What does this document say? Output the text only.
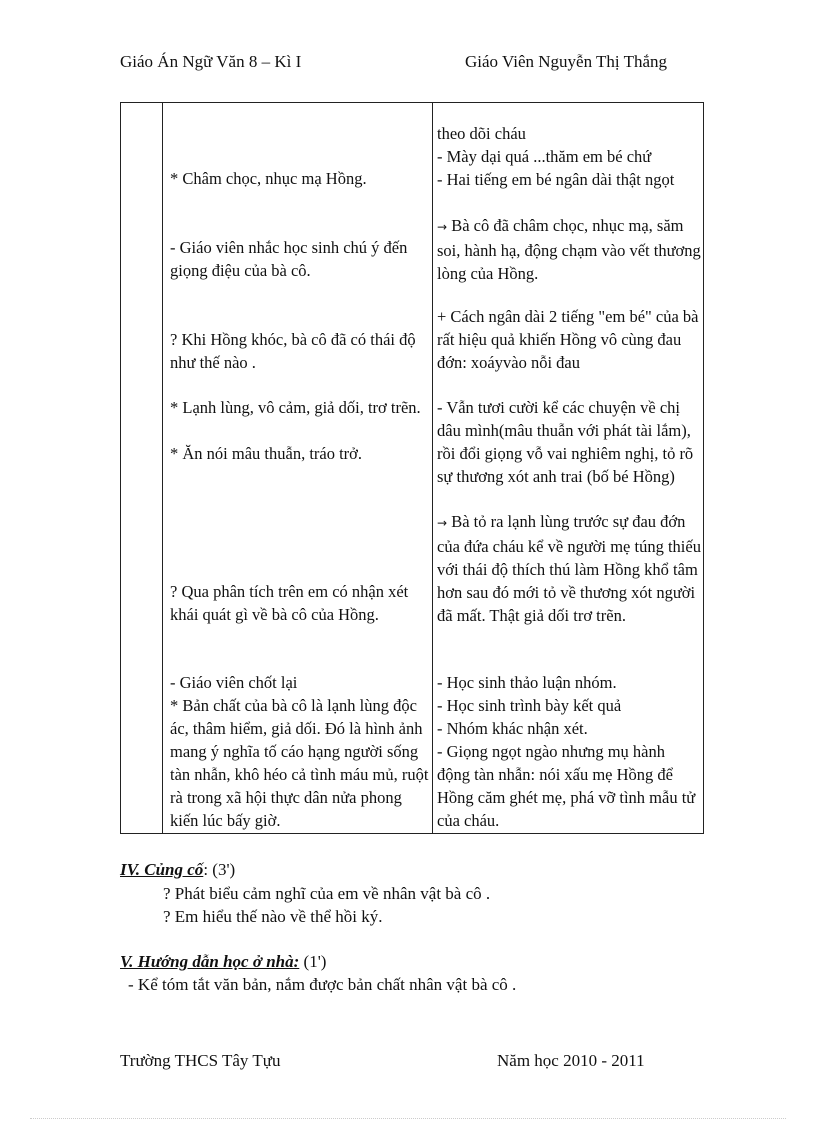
Giáo Án Ngữ Văn 8 – Kì I	Giáo Viên Nguyễn Thị Thắng

* Châm chọc, nhục mạ Hồng.

- Giáo viên nhắc học sinh chú ý đến giọng điệu của bà cô.

? Khi Hồng khóc, bà cô đã có thái độ như thế nào .

* Lạnh lùng, vô cảm, giả dối, trơ trẽn.

* Ăn nói mâu thuẫn, tráo trở.

? Qua phân tích trên em có nhận xét khái quát gì về bà cô của Hồng.

- Giáo viên chốt lại

* Bản chất của bà cô là lạnh lùng độc ác, thâm hiểm, giả dối. Đó là hình ảnh mang ý nghĩa tố cáo hạng người sống tàn nhẫn, khô héo cả tình máu mủ, ruột rà trong xã hội thực dân nửa phong kiến lúc bấy giờ.

theo dõi cháu

- Mày dại quá ...thăm em bé chứ

- Hai tiếng em bé ngân dài thật ngọt

→ Bà cô đã châm chọc, nhục mạ, săm soi, hành hạ, động chạm vào vết thương lòng của Hồng.

+ Cách ngân dài 2 tiếng "em bé" của bà rất hiệu quả khiến Hồng vô cùng đau đớn: xoáyvào nỗi đau

- Vẫn tươi cười kể các chuyện về chị dâu mình(mâu thuẫn với phát tài lắm), rồi đổi giọng vỗ vai nghiêm nghị, tỏ rõ sự thương xót anh trai (bố bé Hồng)

→ Bà tỏ ra lạnh lùng trước sự đau đớn của đứa cháu kể về người mẹ túng thiếu với thái độ thích thú làm Hồng khổ tâm hơn sau đó mới tỏ về thương xót người đã mất. Thật giả dối trơ trẽn.

- Học sinh thảo luận nhóm.

- Học sinh trình bày kết quả

- Nhóm khác nhận xét.

- Giọng ngọt ngào nhưng mụ hành động tàn nhẫn: nói xấu mẹ Hồng để Hồng căm ghét mẹ, phá vỡ tình mẫu tử của cháu.

IV. Củng cố: (3')
? Phát biểu cảm nghĩ của em về nhân vật bà cô .
? Em hiểu thế nào về thể hồi ký.
V. Hướng dẫn học ở nhà: (1')
- Kể tóm tắt văn bản, nắm được bản chất nhân vật bà cô .
Trường THCS Tây Tựu	Năm học 2010 - 2011
